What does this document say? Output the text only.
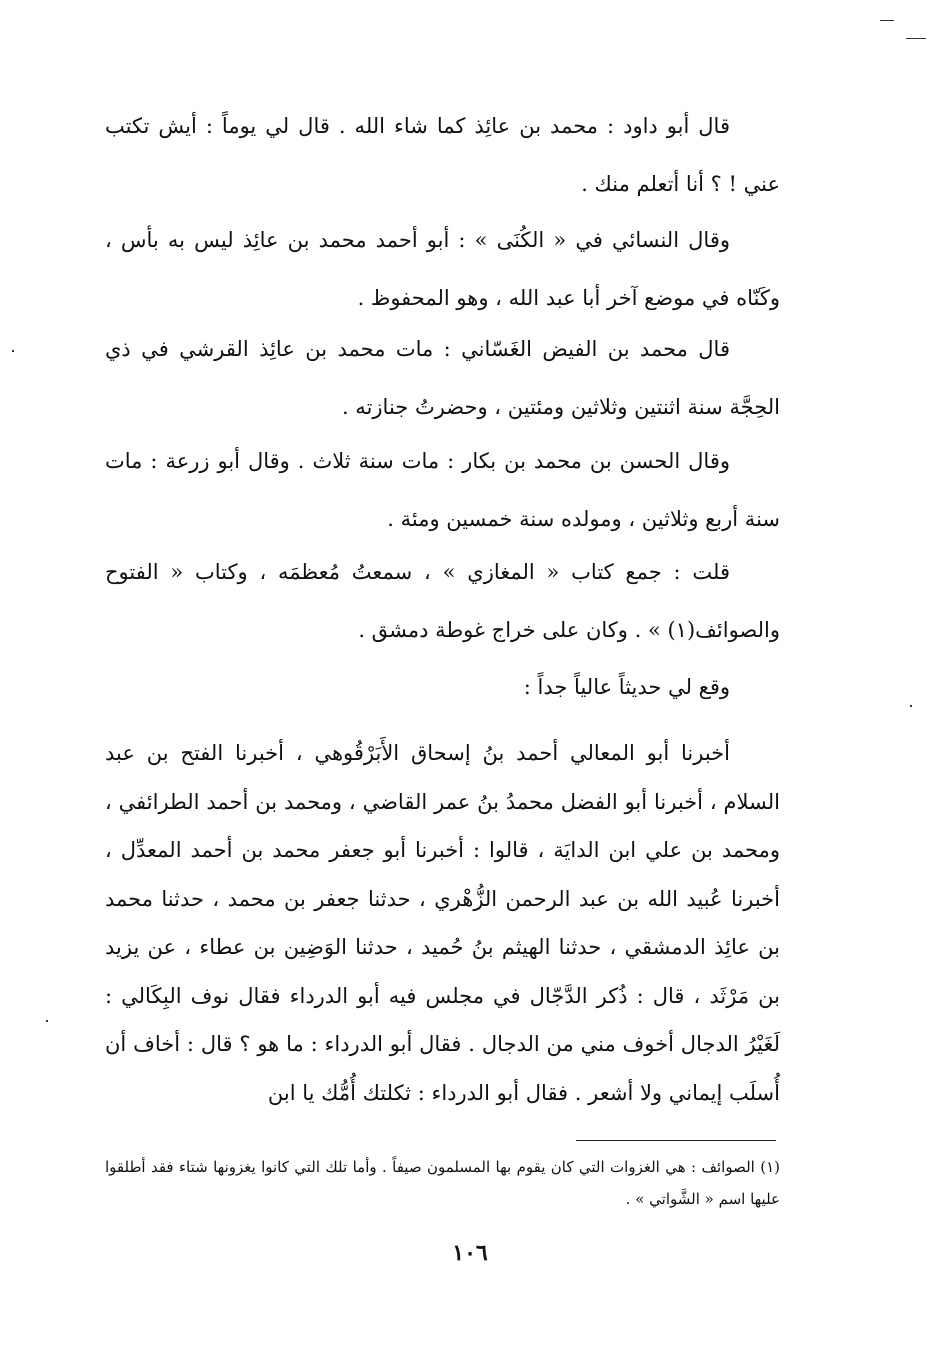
قال أبو داود : محمد بن عائِذ كما شاء الله . قال لي يوماً : أيش تكتب عني ! ؟ أنا أتعلم منك .

وقال النسائي في « الكُنَى » : أبو أحمد محمد بن عائِذ ليس به بأس ، وكَنّاه في موضع آخر أبا عبد الله ، وهو المحفوظ .

قال محمد بن الفيض الغَسّاني : مات محمد بن عائِذ القرشي في ذي الحِجَّة سنة اثنتين وثلاثين ومئتين ، وحضرتُ جنازته .

وقال الحسن بن محمد بن بكار : مات سنة ثلاث . وقال أبو زرعة : مات سنة أربع وثلاثين ، ومولده سنة خمسين ومئة .

قلت : جمع كتاب « المغازي » ، سمعتُ مُعظمَه ، وكتاب « الفتوح والصوائف(١) » . وكان على خراج غوطة دمشق .

وقع لي حديثاً عالياً جداً :

أخبرنا أبو المعالي أحمد بنُ إسحاق الأَبَرْقُوهي ، أخبرنا الفتح بن عبد السلام ، أخبرنا أبو الفضل محمدُ بنُ عمر القاضي ، ومحمد بن أحمد الطرائفي ، ومحمد بن علي ابن الدايَة ، قالوا : أخبرنا أبو جعفر محمد بن أحمد المعدِّل ، أخبرنا عُبيد الله بن عبد الرحمن الزُّهْري ، حدثنا جعفر بن محمد ، حدثنا محمد بن عائِذ الدمشقي ، حدثنا الهيثم بنُ حُميد ، حدثنا الوَضِين بن عطاء ، عن يزيد بن مَرْثَد ، قال : ذُكر الدَّجّال في مجلس فيه أبو الدرداء فقال نوف البِكَالي : لَغَيْرُ الدجال أخوف مني من الدجال . فقال أبو الدرداء : ما هو ؟ قال : أخاف أن أُسلَب إيماني ولا أشعر . فقال أبو الدرداء : ثكلتك أُمُّك يا ابن

(١) الصوائف : هي الغزوات التي كان يقوم بها المسلمون صيفاً . وأما تلك التي كانوا يغزونها شتاء فقد أطلقوا عليها اسم « الشَّواتي » .

١٠٦
